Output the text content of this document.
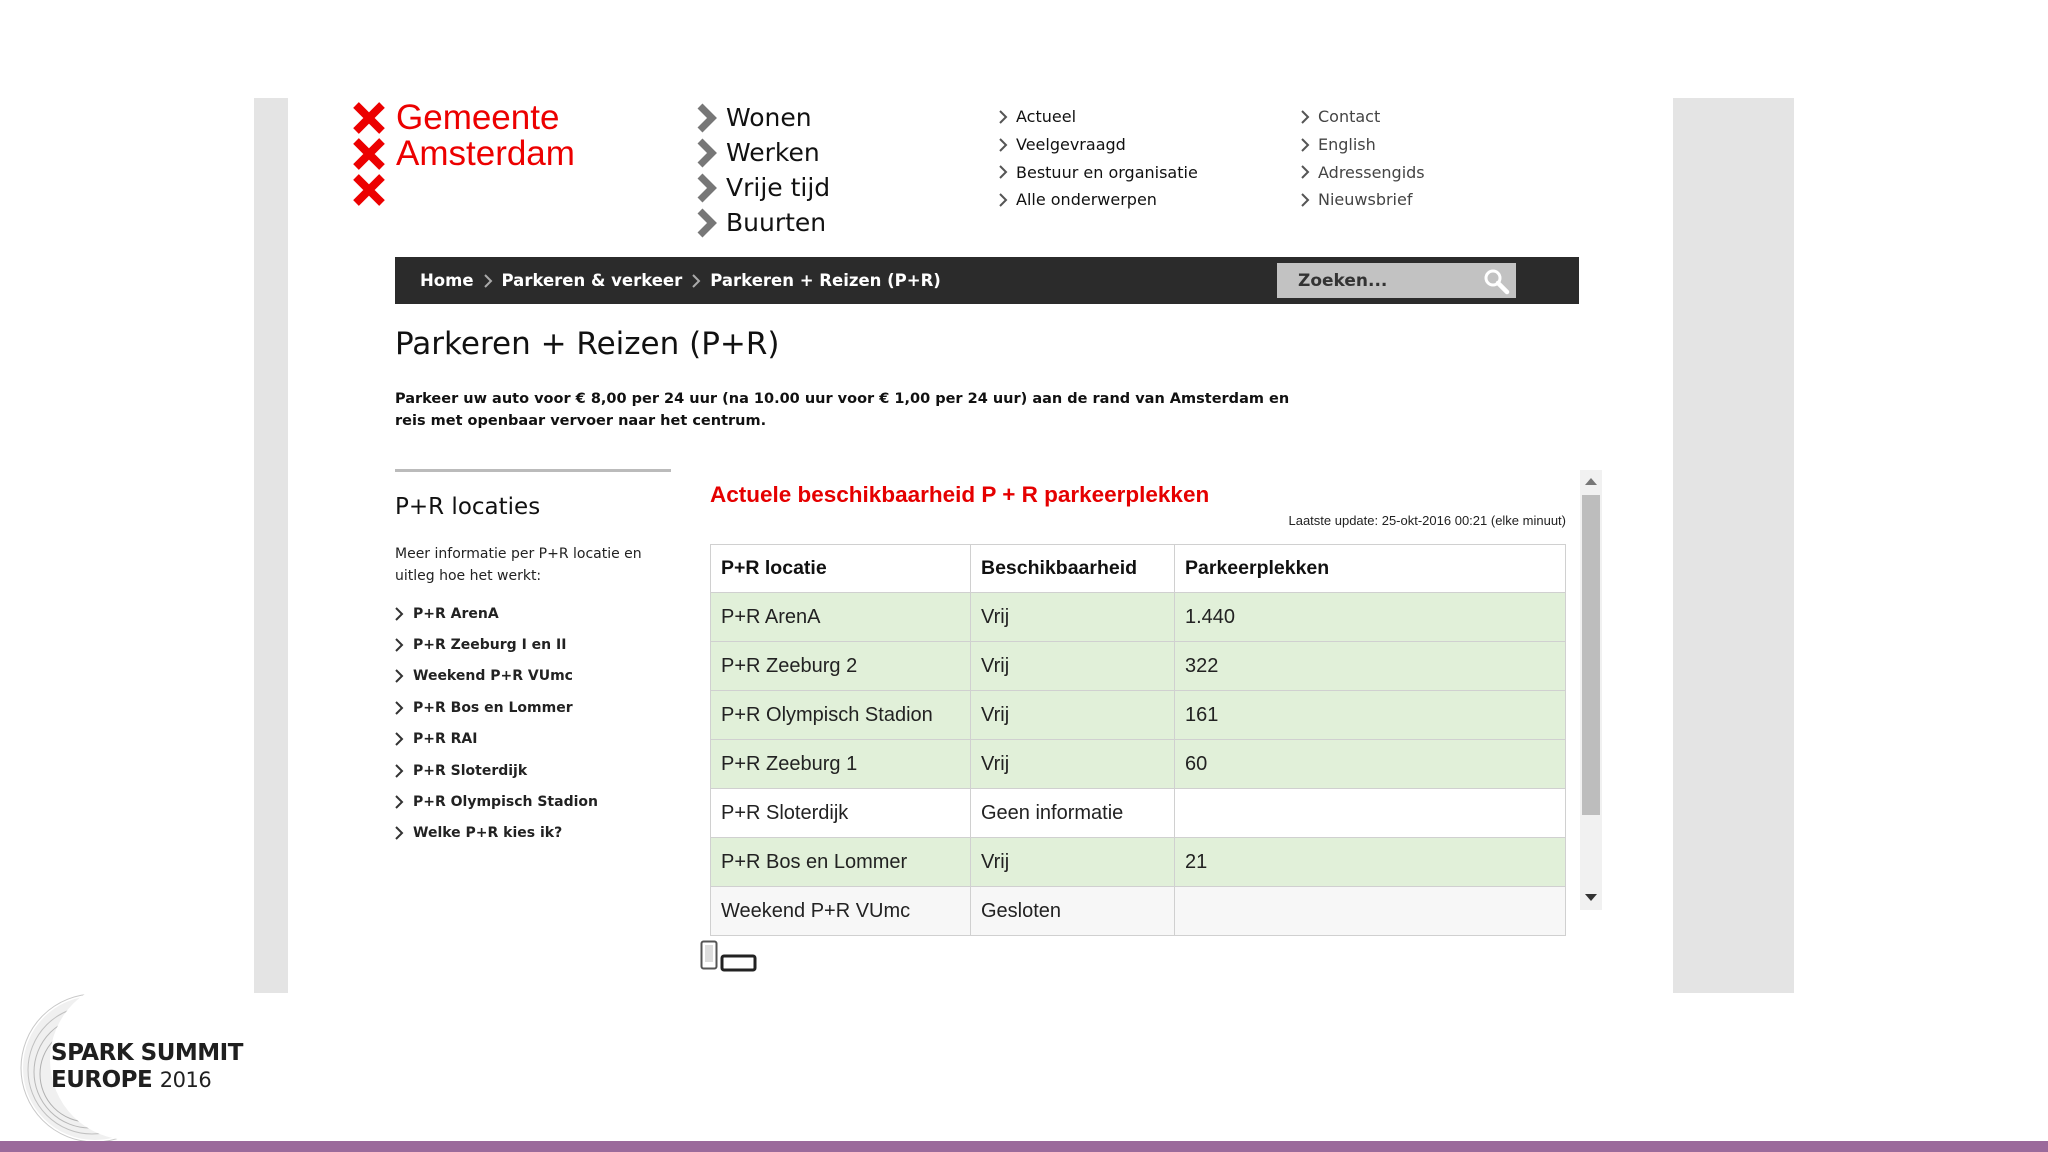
Gemeente
Amsterdam
Wonen
Werken
Vrije tijd
Buurten
Actueel
Veelgevraagd
Bestuur en organisatie
Alle onderwerpen
Contact
English
Adressengids
Nieuwsbrief
Home Parkeren & verkeer Parkeren + Reizen (P+R)
Zoeken...
Parkeren + Reizen (P+R)

Parkeer uw auto voor € 8,00 per 24 uur (na 10.00 uur voor € 1,00 per 24 uur) aan de rand van Amsterdam en reis met openbaar vervoer naar het centrum.

P+R locaties

Meer informatie per P+R locatie en uitleg hoe het werkt:

P+R ArenA
P+R Zeeburg I en II
Weekend P+R VUmc
P+R Bos en Lommer
P+R RAI
P+R Sloterdijk
P+R Olympisch Stadion
Welke P+R kies ik?
Actuele beschikbaarheid P + R parkeerplekken
Laatste update: 25-okt-2016 00:21 (elke minuut)
P+R locatie	Beschikbaarheid	Parkeerplekken
P+R ArenA	Vrij	1.440
P+R Zeeburg 2	Vrij	322
P+R Olympisch Stadion	Vrij	161
P+R Zeeburg 1	Vrij	60
P+R Sloterdijk	Geen informatie	
P+R Bos en Lommer	Vrij	21
Weekend P+R VUmc	Gesloten	
SPARK SUMMIT
EUROPE 2016
